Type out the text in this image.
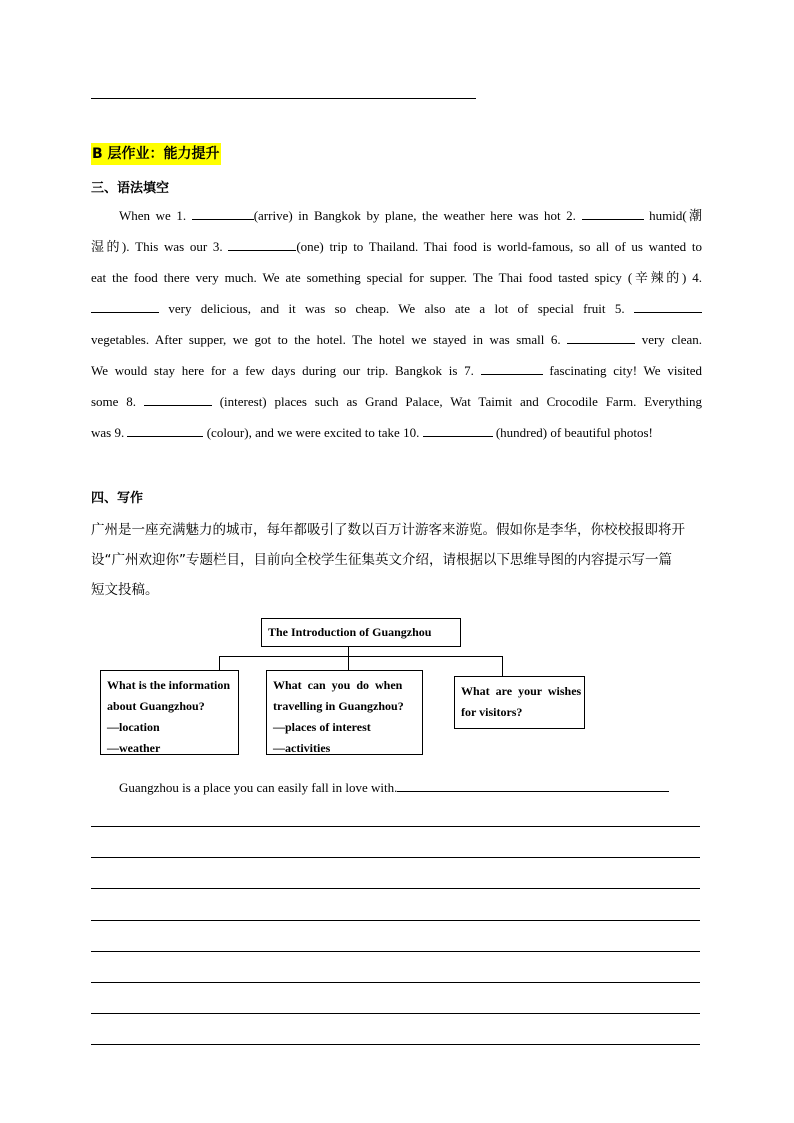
B 层作业：能力提升
三、语法填空
When we 1.	(arrive) in Bangkok by plane, the weather here was hot 2.	humid(潮
湿的). This was our 3.	(one) trip to Thailand. Thai food is world-famous, so all of us wanted to
eat the food there very much. We ate something special for supper. The Thai food tasted spicy (辛辣的) 4.
very delicious, and it was so cheap. We also ate a lot of special fruit 5.
vegetables. After supper, we got to the hotel. The hotel we stayed in was small 6.	very clean.
We would stay here for a few days during our trip. Bangkok is 7.	fascinating city! We visited
some 8.	(interest) places such as Grand Palace, Wat Taimit and Crocodile Farm. Everything
was 9.	(colour), and we were excited to take 10.	(hundred) of beautiful photos!
四、写作
广州是一座充满魅力的城市，每年都吸引了数以百万计游客来游览。假如你是李华，你校校报即将开
设“广州欢迎你”专题栏目，目前向全校学生征集英文介绍，请根据以下思维导图的内容提示写一篇
短文投稿。
The Introduction of Guangzhou
What is the information
about Guangzhou?
—location
—weather
What  can  you  do  when
travelling in Guangzhou?
—places of interest
—activities
What  are  your  wishes
for visitors?
Guangzhou is a place you can easily fall in love with.
